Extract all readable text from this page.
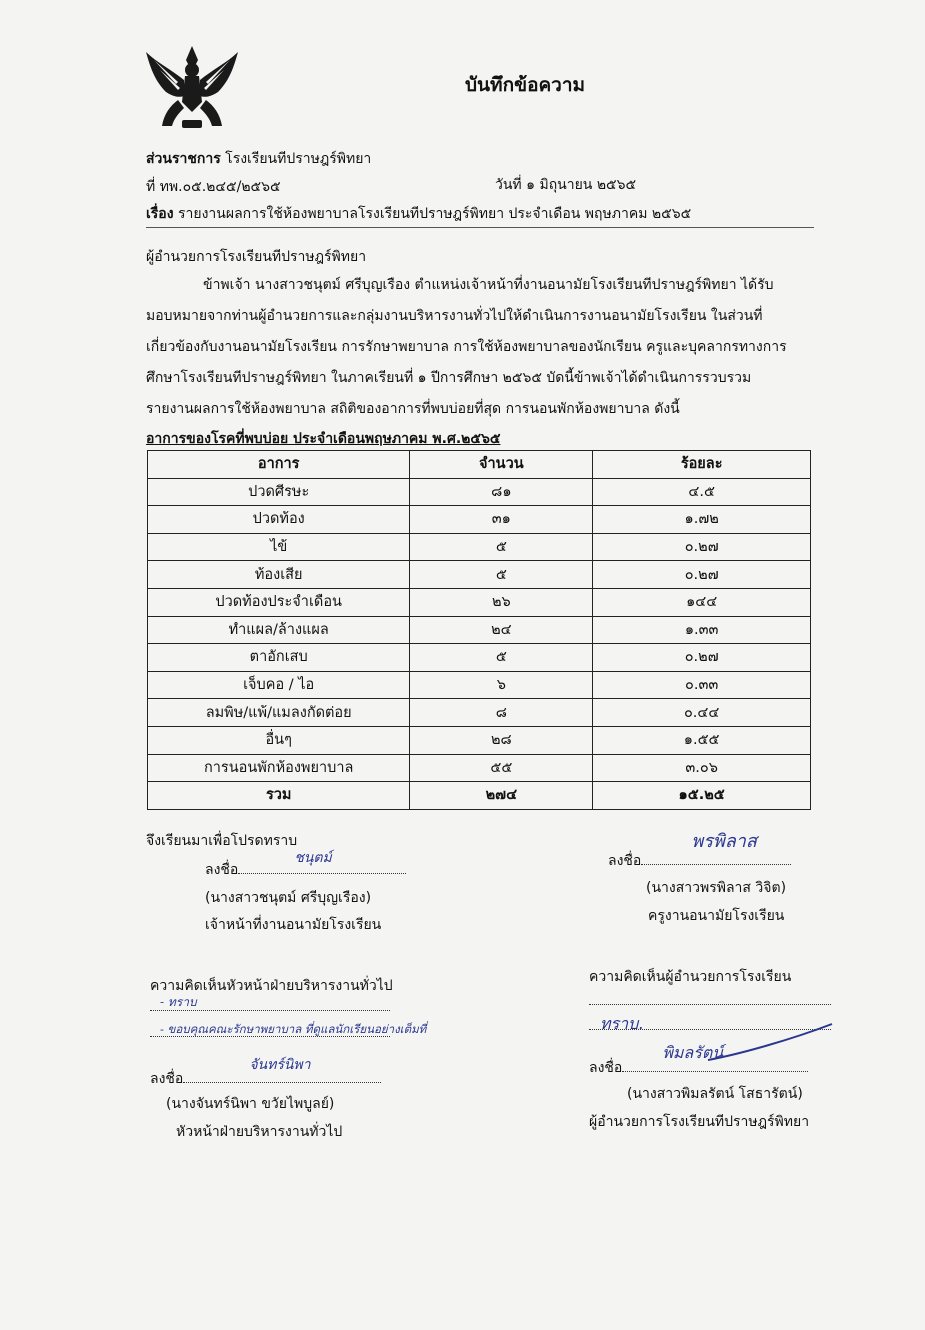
บันทึกข้อความ
ส่วนราชการ โรงเรียนทีปราษฎร์พิทยา
ที่ ทพ.๐๕.๒๔๕/๒๕๖๕	วันที่ ๑ มิถุนายน ๒๕๖๕
เรื่อง รายงานผลการใช้ห้องพยาบาลโรงเรียนทีปราษฎร์พิทยา ประจำเดือน พฤษภาคม ๒๕๖๕
ผู้อำนวยการโรงเรียนทีปราษฎร์พิทยา
ข้าพเจ้า นางสาวชนุตม์ ศรีบุญเรือง ตำแหน่งเจ้าหน้าที่งานอนามัยโรงเรียนทีปราษฎร์พิทยา ได้รับ
มอบหมายจากท่านผู้อำนวยการและกลุ่มงานบริหารงานทั่วไปให้ดำเนินการงานอนามัยโรงเรียน ในส่วนที่
เกี่ยวข้องกับงานอนามัยโรงเรียน การรักษาพยาบาล การใช้ห้องพยาบาลของนักเรียน ครูและบุคลากรทางการ
ศึกษาโรงเรียนทีปราษฎร์พิทยา ในภาคเรียนที่ ๑ ปีการศึกษา ๒๕๖๕ บัดนี้ข้าพเจ้าได้ดำเนินการรวบรวม
รายงานผลการใช้ห้องพยาบาล สถิติของอาการที่พบบ่อยที่สุด การนอนพักห้องพยาบาล ดังนี้
อาการของโรคที่พบบ่อย ประจำเดือนพฤษภาคม พ.ศ.๒๕๖๕
อาการ	จำนวน	ร้อยละ
ปวดศีรษะ	๘๑	๔.๕
ปวดท้อง	๓๑	๑.๗๒
ไข้	๕	๐.๒๗
ท้องเสีย	๕	๐.๒๗
ปวดท้องประจำเดือน	๒๖	๑๔๔
ทำแผล/ล้างแผล	๒๔	๑.๓๓
ตาอักเสบ	๕	๐.๒๗
เจ็บคอ / ไอ	๖	๐.๓๓
ลมพิษ/แพ้/แมลงกัดต่อย	๘	๐.๔๔
อื่นๆ	๒๘	๑.๕๕
การนอนพักห้องพยาบาล	๕๕	๓.๐๖
รวม	๒๗๔	๑๕.๒๕
จึงเรียนมาเพื่อโปรดทราบ
ลงชื่อ
ชนุตม์
(นางสาวชนุตม์ ศรีบุญเรือง)
เจ้าหน้าที่งานอนามัยโรงเรียน
ลงชื่อ
พรพิลาส
(นางสาวพรพิลาส วิจิต)
ครูงานอนามัยโรงเรียน
ความคิดเห็นหัวหน้าฝ่ายบริหารงานทั่วไป
- ทราบ
- ขอบคุณคณะรักษาพยาบาล ที่ดูแลนักเรียนอย่างเต็มที่
ลงชื่อ
จันทร์นิพา
(นางจันทร์นิพา ขวัยไพบูลย์)
หัวหน้าฝ่ายบริหารงานทั่วไป
ความคิดเห็นผู้อำนวยการโรงเรียน
ทราบ.
ลงชื่อ
พิมลรัตน์
(นางสาวพิมลรัตน์ โสธารัตน์)
ผู้อำนวยการโรงเรียนทีปราษฎร์พิทยา
